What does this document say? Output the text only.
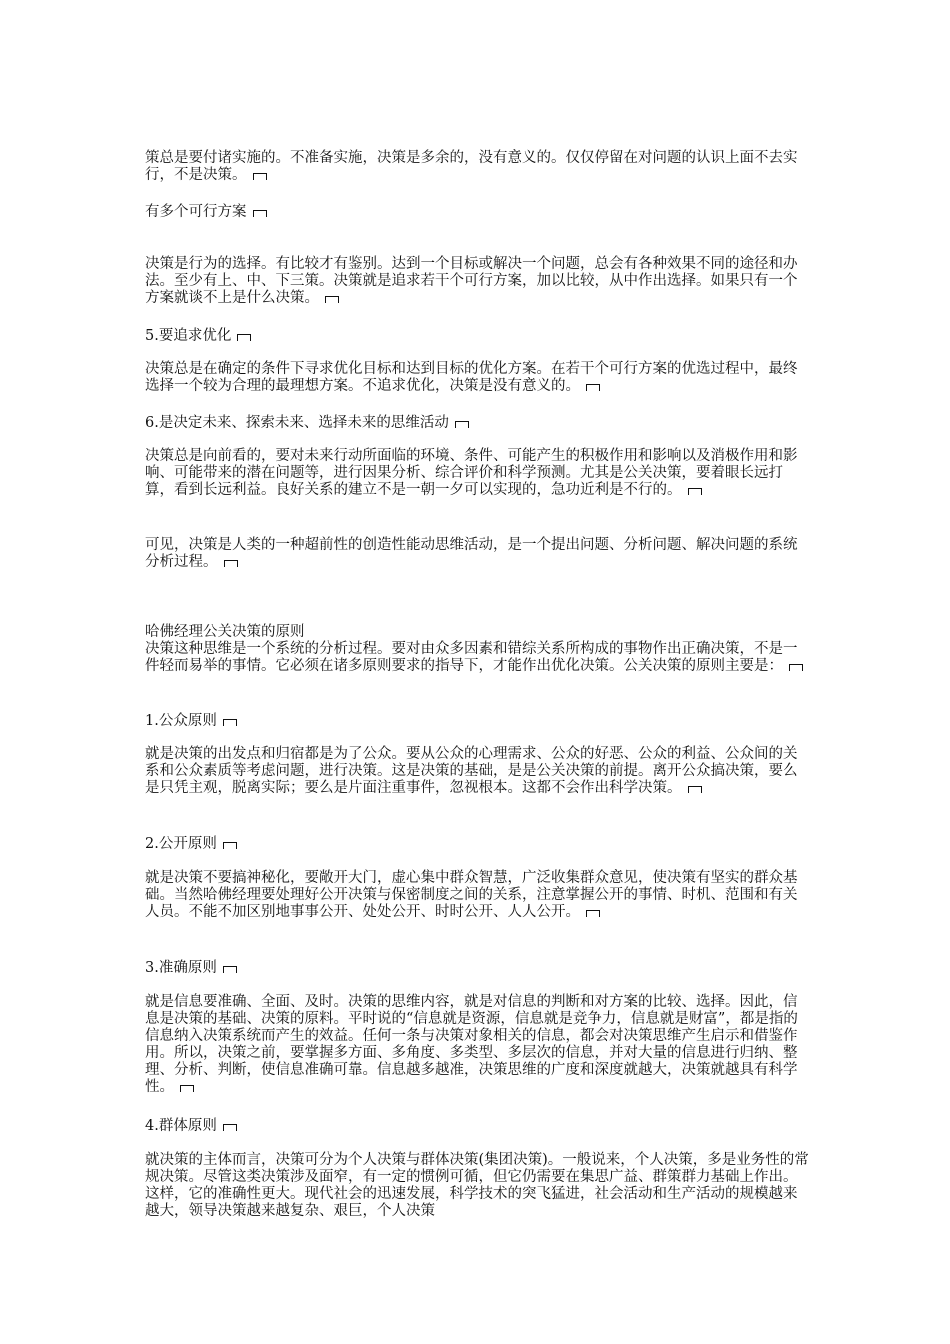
策总是要付诸实施的。不准备实施，决策是多余的，没有意义的。仅仅停留在对问题的认识上面不去实行，不是决策。

有多个可行方案

决策是行为的选择。有比较才有鉴别。达到一个目标或解决一个问题，总会有各种效果不同的途径和办法。至少有上、中、下三策。决策就是追求若干个可行方案，加以比较，从中作出选择。如果只有一个方案就谈不上是什么决策。

5.要追求优化

决策总是在确定的条件下寻求优化目标和达到目标的优化方案。在若干个可行方案的优选过程中，最终选择一个较为合理的最理想方案。不追求优化，决策是没有意义的。

6.是决定未来、探索未来、选择未来的思维活动

决策总是向前看的，要对未来行动所面临的环境、条件、可能产生的积极作用和影响以及消极作用和影响、可能带来的潜在问题等，进行因果分析、综合评价和科学预测。尤其是公关决策，要着眼长远打算，看到长远利益。良好关系的建立不是一朝一夕可以实现的，急功近利是不行的。

可见，决策是人类的一种超前性的创造性能动思维活动，是一个提出问题、分析问题、解决问题的系统分析过程。

哈佛经理公关决策的原则

决策这种思维是一个系统的分析过程。要对由众多因素和错综关系所构成的事物作出正确决策，不是一件轻而易举的事情。它必须在诸多原则要求的指导下，才能作出优化决策。公关决策的原则主要是：

1.公众原则

就是决策的出发点和归宿都是为了公众。要从公众的心理需求、公众的好恶、公众的利益、公众间的关系和公众素质等考虑问题，进行决策。这是决策的基础，是是公关决策的前提。离开公众搞决策，要么是只凭主观，脱离实际；要么是片面注重事件，忽视根本。这都不会作出科学决策。

2.公开原则

就是决策不要搞神秘化，要敞开大门，虚心集中群众智慧，广泛收集群众意见，使决策有坚实的群众基础。当然哈佛经理要处理好公开决策与保密制度之间的关系，注意掌握公开的事情、时机、范围和有关人员。不能不加区别地事事公开、处处公开、时时公开、人人公开。

3.准确原则

就是信息要准确、全面、及时。决策的思维内容，就是对信息的判断和对方案的比较、选择。因此，信息是决策的基础、决策的原料。平时说的“信息就是资源，信息就是竞争力，信息就是财富”，都是指的信息纳入决策系统而产生的效益。任何一条与决策对象相关的信息，都会对决策思维产生启示和借鉴作用。所以，决策之前，要掌握多方面、多角度、多类型、多层次的信息，并对大量的信息进行归纳、整理、分析、判断，使信息准确可靠。信息越多越准，决策思维的广度和深度就越大，决策就越具有科学性。

4.群体原则

就决策的主体而言，决策可分为个人决策与群体决策(集团决策)。一般说来，个人决策，多是业务性的常规决策。尽管这类决策涉及面窄，有一定的惯例可循，但它仍需要在集思广益、群策群力基础上作出。这样，它的准确性更大。现代社会的迅速发展，科学技术的突飞猛进，社会活动和生产活动的规模越来越大，领导决策越来越复杂、艰巨，个人决策
